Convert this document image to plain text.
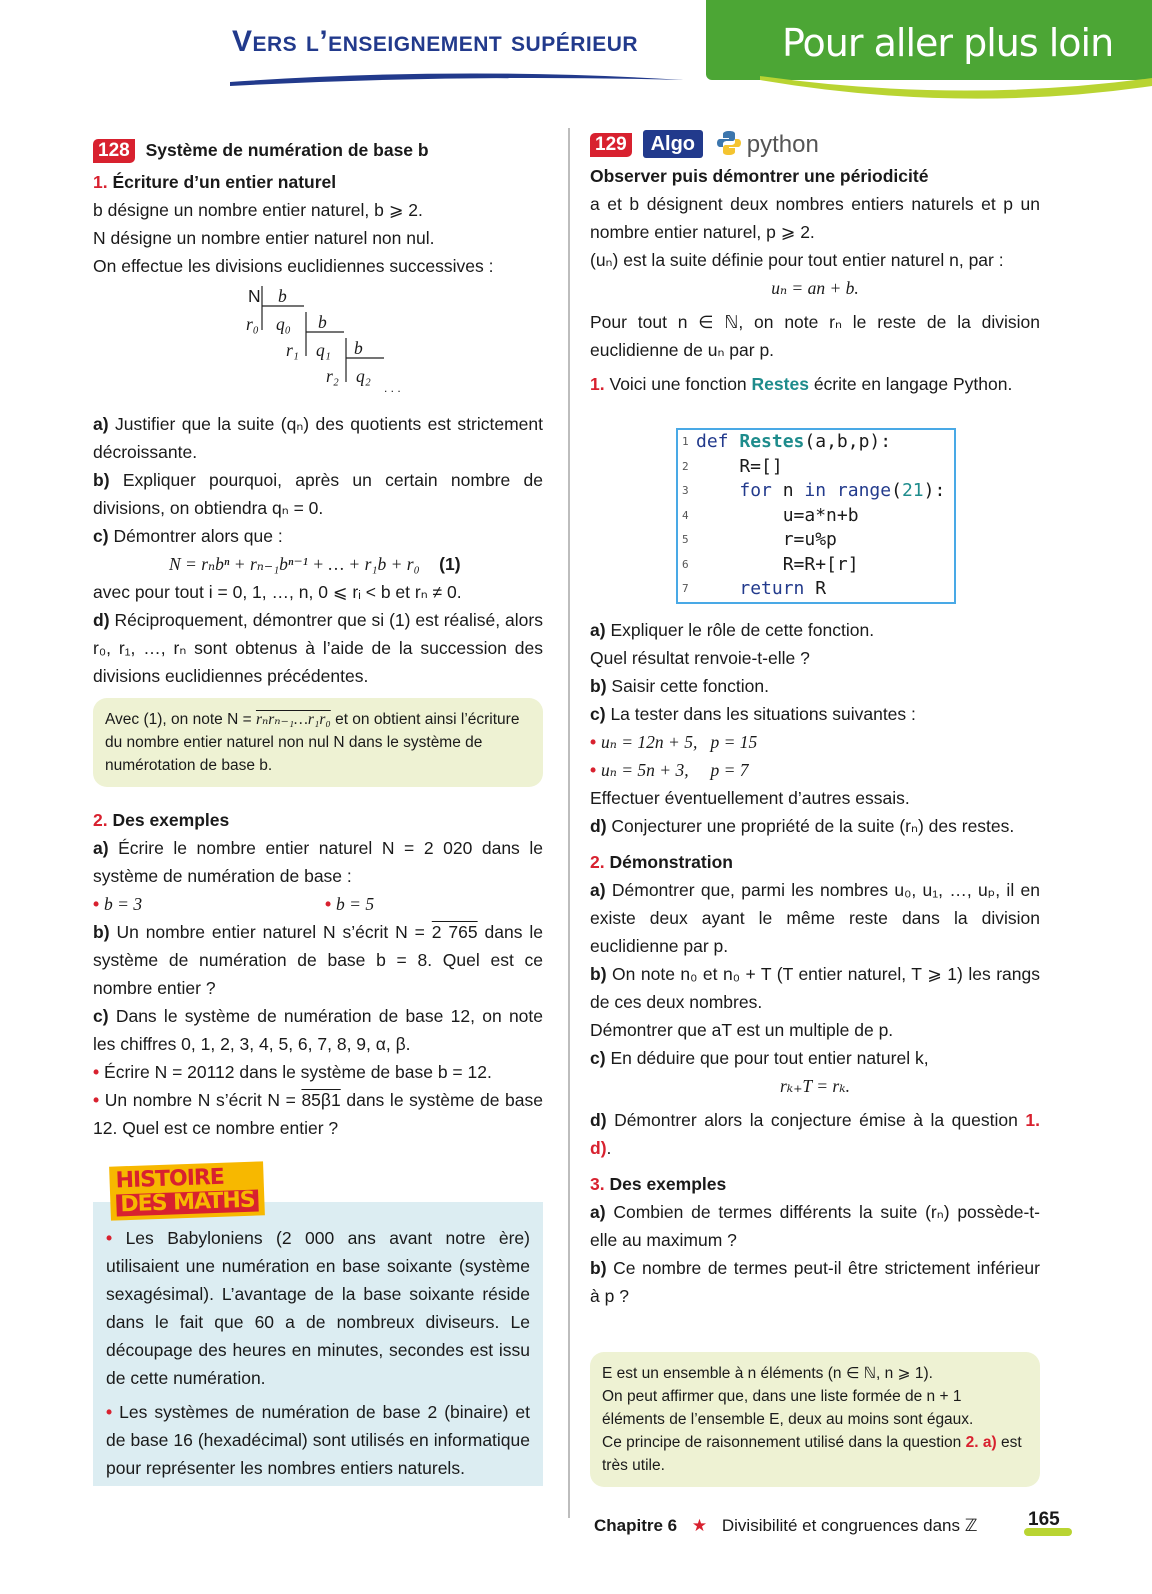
Vers l’enseignement supérieur	Pour aller plus loin
128 Système de numération de base b
1. Écriture d’un entier naturel
b désigne un nombre entier naturel, b ⩾ 2.
N désigne un nombre entier naturel non nul.
On effectue les divisions euclidiennes successives :
N b
r₀ q₀ b
r₁ q₁ b
r₂ q₂
. . .

a) Justifier que la suite (qₙ) des quotients est strictement décroissante.

b) Expliquer pourquoi, après un certain nombre de divisions, on obtiendra qₙ = 0.

c) Démontrer alors que :

N = rₙbⁿ + rₙ₋₁bⁿ⁻¹ + … + r₁b + r₀ (1)

avec pour tout i = 0, 1, …, n, 0 ⩽ rᵢ < b et rₙ ≠ 0.

d) Réciproquement, démontrer que si (1) est réalisé, alors r₀, r₁, …, rₙ sont obtenus à l’aide de la succession des divisions euclidiennes précédentes.

Avec (1), on note N = rₙrₙ₋₁…r₁r₀ et on obtient ainsi l’écriture du nombre entier naturel non nul N dans le système de numérotation de base b.
2. Des exemples

a) Écrire le nombre entier naturel N = 2 020 dans le système de numération de base :

• b = 3	• b = 5

b) Un nombre entier naturel N s’écrit N = 2 765 dans le système de numération de base b = 8. Quel est ce nombre entier ?

c) Dans le système de numération de base 12, on note les chiffres 0, 1, 2, 3, 4, 5, 6, 7, 8, 9, α, β.

• Écrire N = 20112 dans le système de base b = 12.

• Un nombre N s’écrit N = 85β1 dans le système de base 12. Quel est ce nombre entier ?

HISTOIRE
DES MATHS

• Les Babyloniens (2 000 ans avant notre ère) utilisaient une numération en base soixante (système sexagésimal). L’avantage de la base soixante réside dans le fait que 60 a de nombreux diviseurs. Le découpage des heures en minutes, secondes est issu de cette numération.

• Les systèmes de numération de base 2 (binaire) et de base 16 (hexadécimal) sont utilisés en informatique pour représenter les nombres entiers naturels.

129 Algo python
Observer puis démontrer une périodicité

a et b désignent deux nombres entiers naturels et p un nombre entier naturel, p ⩾ 2.

(uₙ) est la suite définie pour tout entier naturel n, par :

uₙ = an + b.

Pour tout n ∈ ℕ, on note rₙ le reste de la division euclidienne de uₙ par p.

1. Voici une fonction Restes écrite en langage Python.

1 def Restes(a,b,p):
2 R=[]
3	for n in range(21):
4 u=a*n+b
5 r=u%p
6 R=R+[r]
7	return R

a) Expliquer le rôle de cette fonction.

Quel résultat renvoie-t-elle ?

b) Saisir cette fonction.

c) La tester dans les situations suivantes :

• uₙ = 12n + 5,   p = 15

• uₙ = 5n + 3,     p = 7

Effectuer éventuellement d’autres essais.

d) Conjecturer une propriété de la suite (rₙ) des restes.

2. Démonstration

a) Démontrer que, parmi les nombres u₀, u₁, …, uₚ, il en existe deux ayant le même reste dans la division euclidienne par p.

b) On note n₀ et n₀ + T (T entier naturel, T ⩾ 1) les rangs de ces deux nombres.

Démontrer que aT est un multiple de p.

c) En déduire que pour tout entier naturel k,

rₖ₊T = rₖ.

d) Démontrer alors la conjecture émise à la question 1. d).

3. Des exemples

a) Combien de termes différents la suite (rₙ) possède-t-elle au maximum ?

b) Ce nombre de termes peut-il être strictement inférieur à p ?

E est un ensemble à n éléments (n ∈ ℕ, n ⩾ 1).
On peut affirmer que, dans une liste formée de n + 1 éléments de l’ensemble E, deux au moins sont égaux.
Ce principe de raisonnement utilisé dans la question 2. a) est très utile.
Chapitre 6 ★ Divisibilité et congruences dans ℤ	165
